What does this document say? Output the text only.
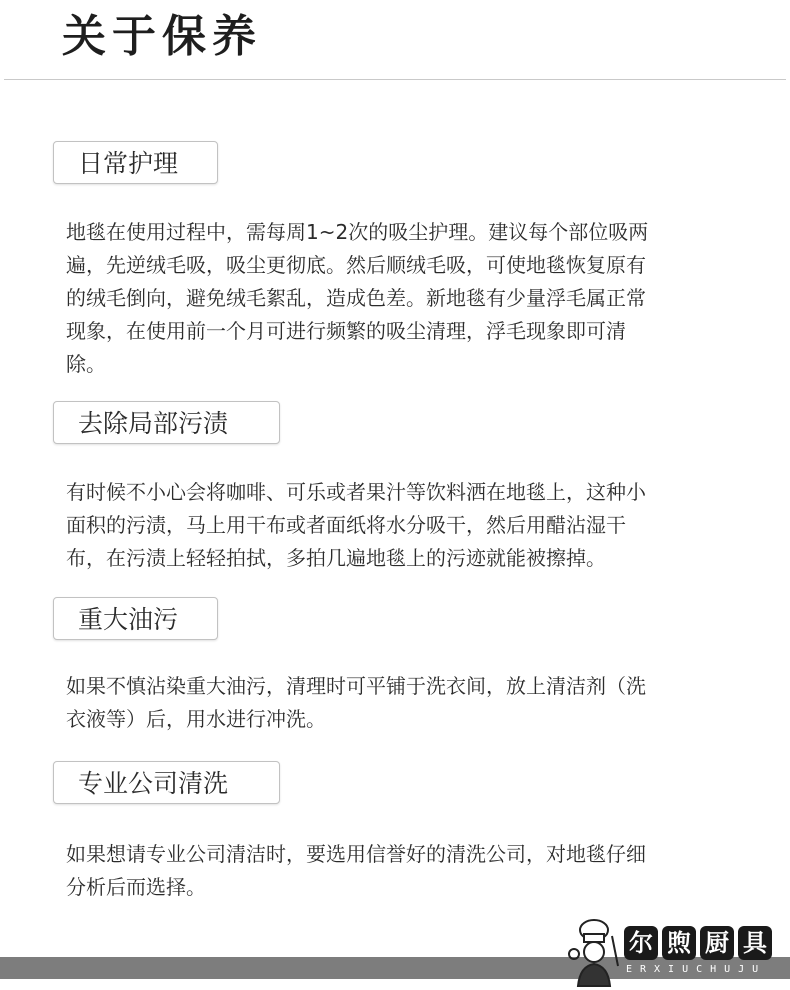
关于保养
日常护理
地毯在使用过程中，需每周1~2次的吸尘护理。建议每个部位吸两
遍，先逆绒毛吸，吸尘更彻底。然后顺绒毛吸，可使地毯恢复原有
的绒毛倒向，避免绒毛絮乱，造成色差。新地毯有少量浮毛属正常
现象，在使用前一个月可进行频繁的吸尘清理，浮毛现象即可清
除。
去除局部污渍
有时候不小心会将咖啡、可乐或者果汁等饮料洒在地毯上，这种小
面积的污渍，马上用干布或者面纸将水分吸干，然后用醋沾湿干
布，在污渍上轻轻拍拭，多拍几遍地毯上的污迹就能被擦掉。
重大油污
如果不慎沾染重大油污，清理时可平铺于洗衣间，放上清洁剂（洗
衣液等）后，用水进行冲洗。
专业公司清洗
如果想请专业公司清洁时，要选用信誉好的清洗公司，对地毯仔细
分析后而选择。
尔 煦 厨 具
ERXIUCHUJU
